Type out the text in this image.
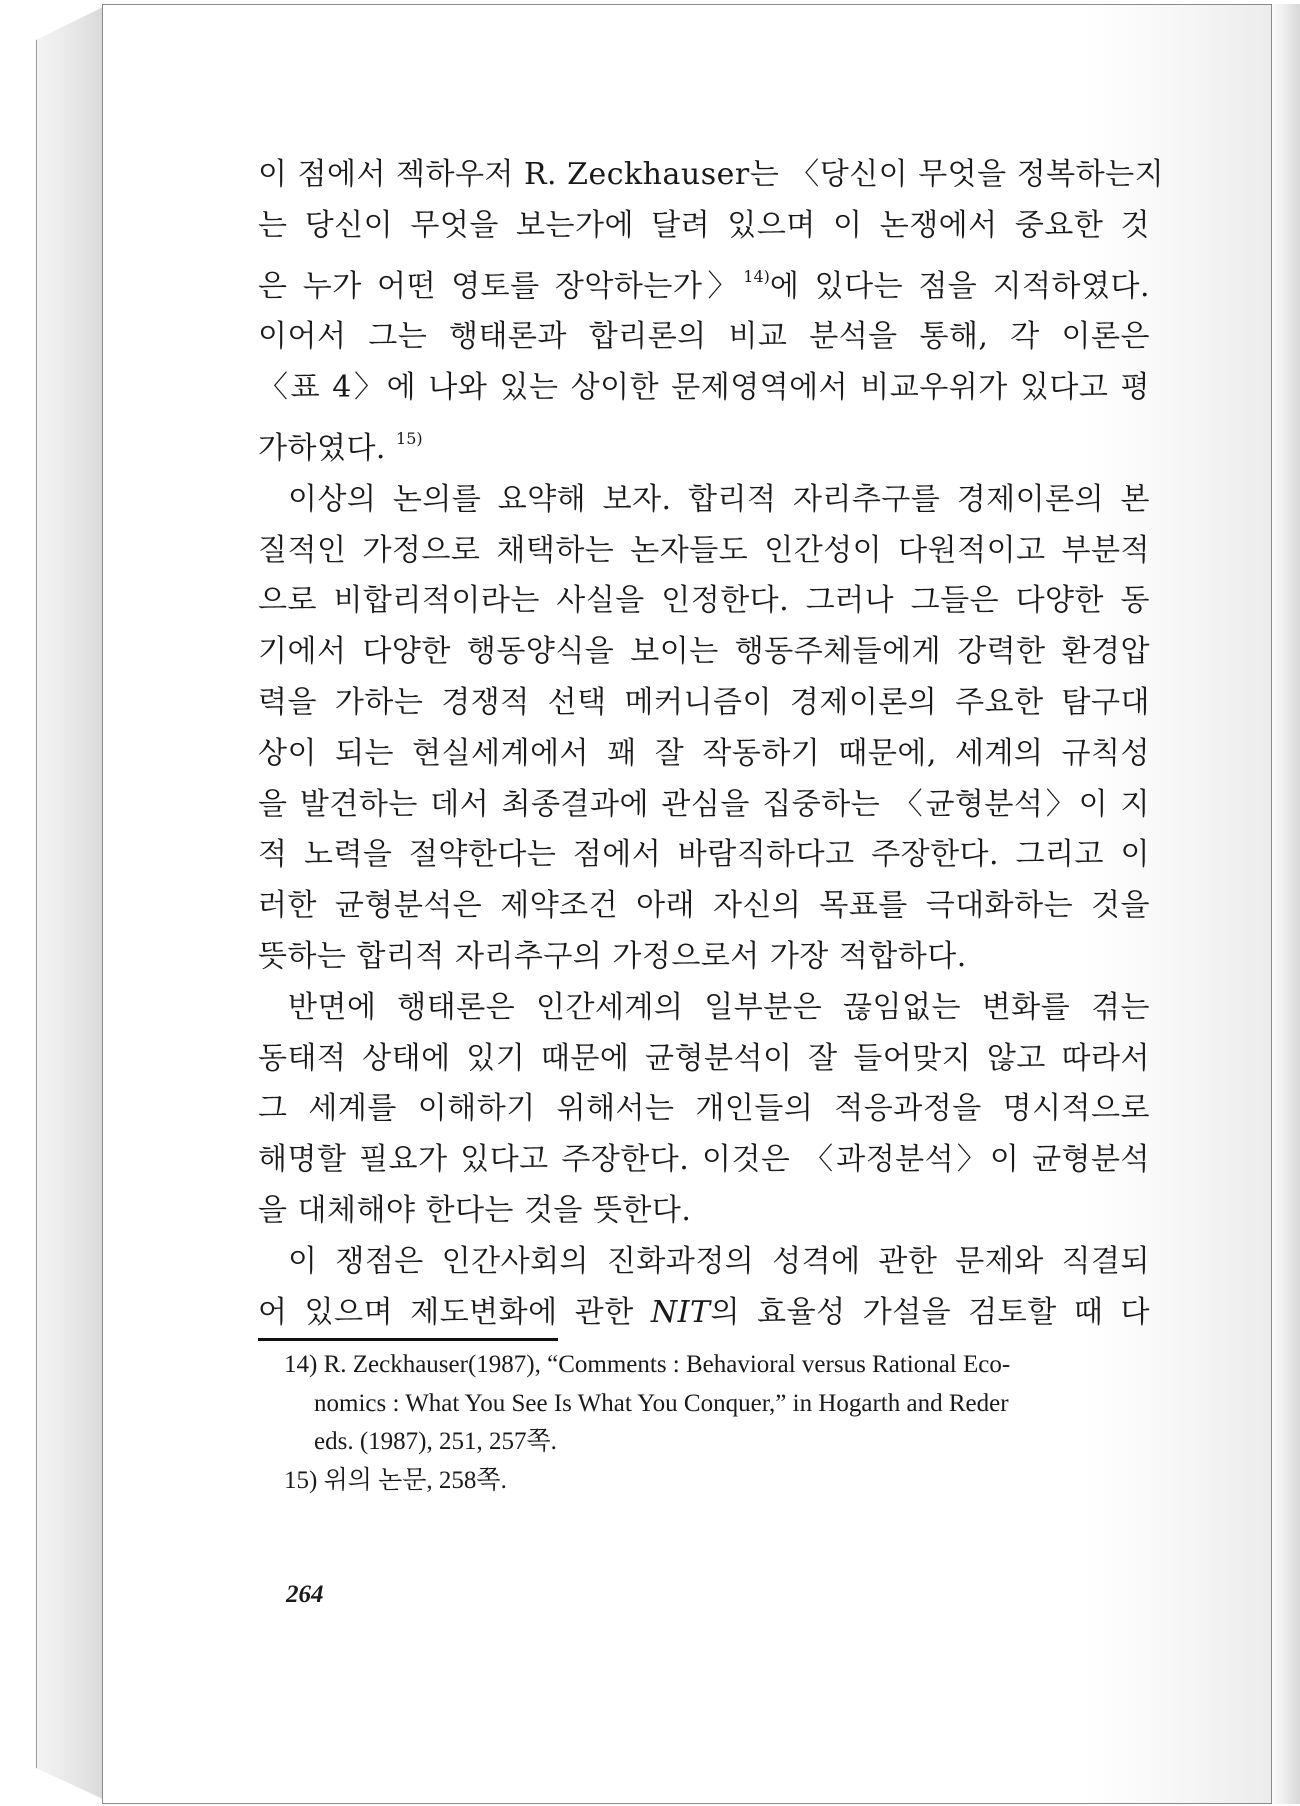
이 점에서 젝하우저 R. Zeckhauser는 〈당신이 무엇을 정복하는지
는 당신이 무엇을 보는가에 달려 있으며 이 논쟁에서 중요한 것
은 누가 어떤 영토를 장악하는가〉$^{14)}$에 있다는 점을 지적하였다.
이어서 그는 행태론과 합리론의 비교 분석을 통해, 각 이론은
〈표 4〉에 나와 있는 상이한 문제영역에서 비교우위가 있다고 평
가하였다. $^{15)}$

이상의 논의를 요약해 보자. 합리적 자리추구를 경제이론의 본
질적인 가정으로 채택하는 논자들도 인간성이 다원적이고 부분적
으로 비합리적이라는 사실을 인정한다. 그러나 그들은 다양한 동
기에서 다양한 행동양식을 보이는 행동주체들에게 강력한 환경압
력을 가하는 경쟁적 선택 메커니즘이 경제이론의 주요한 탐구대
상이 되는 현실세계에서 꽤 잘 작동하기 때문에, 세계의 규칙성
을 발견하는 데서 최종결과에 관심을 집중하는 〈균형분석〉이 지
적 노력을 절약한다는 점에서 바람직하다고 주장한다. 그리고 이
러한 균형분석은 제약조건 아래 자신의 목표를 극대화하는 것을
뜻하는 합리적 자리추구의 가정으로서 가장 적합하다.

반면에 행태론은 인간세계의 일부분은 끊임없는 변화를 겪는
동태적 상태에 있기 때문에 균형분석이 잘 들어맞지 않고 따라서
그 세계를 이해하기 위해서는 개인들의 적응과정을 명시적으로
해명할 필요가 있다고 주장한다. 이것은 〈과정분석〉이 균형분석
을 대체해야 한다는 것을 뜻한다.

이 쟁점은 인간사회의 진화과정의 성격에 관한 문제와 직결되
어 있으며 제도변화에 관한 NIT의 효율성 가설을 검토할 때 다

14) R. Zeckhauser(1987), “Comments : Behavioral versus Rational Eco-
nomics : What You See Is What You Conquer,” in Hogarth and Reder
eds. (1987), 251, 257쪽.
15) 위의 논문, 258쪽.
264
